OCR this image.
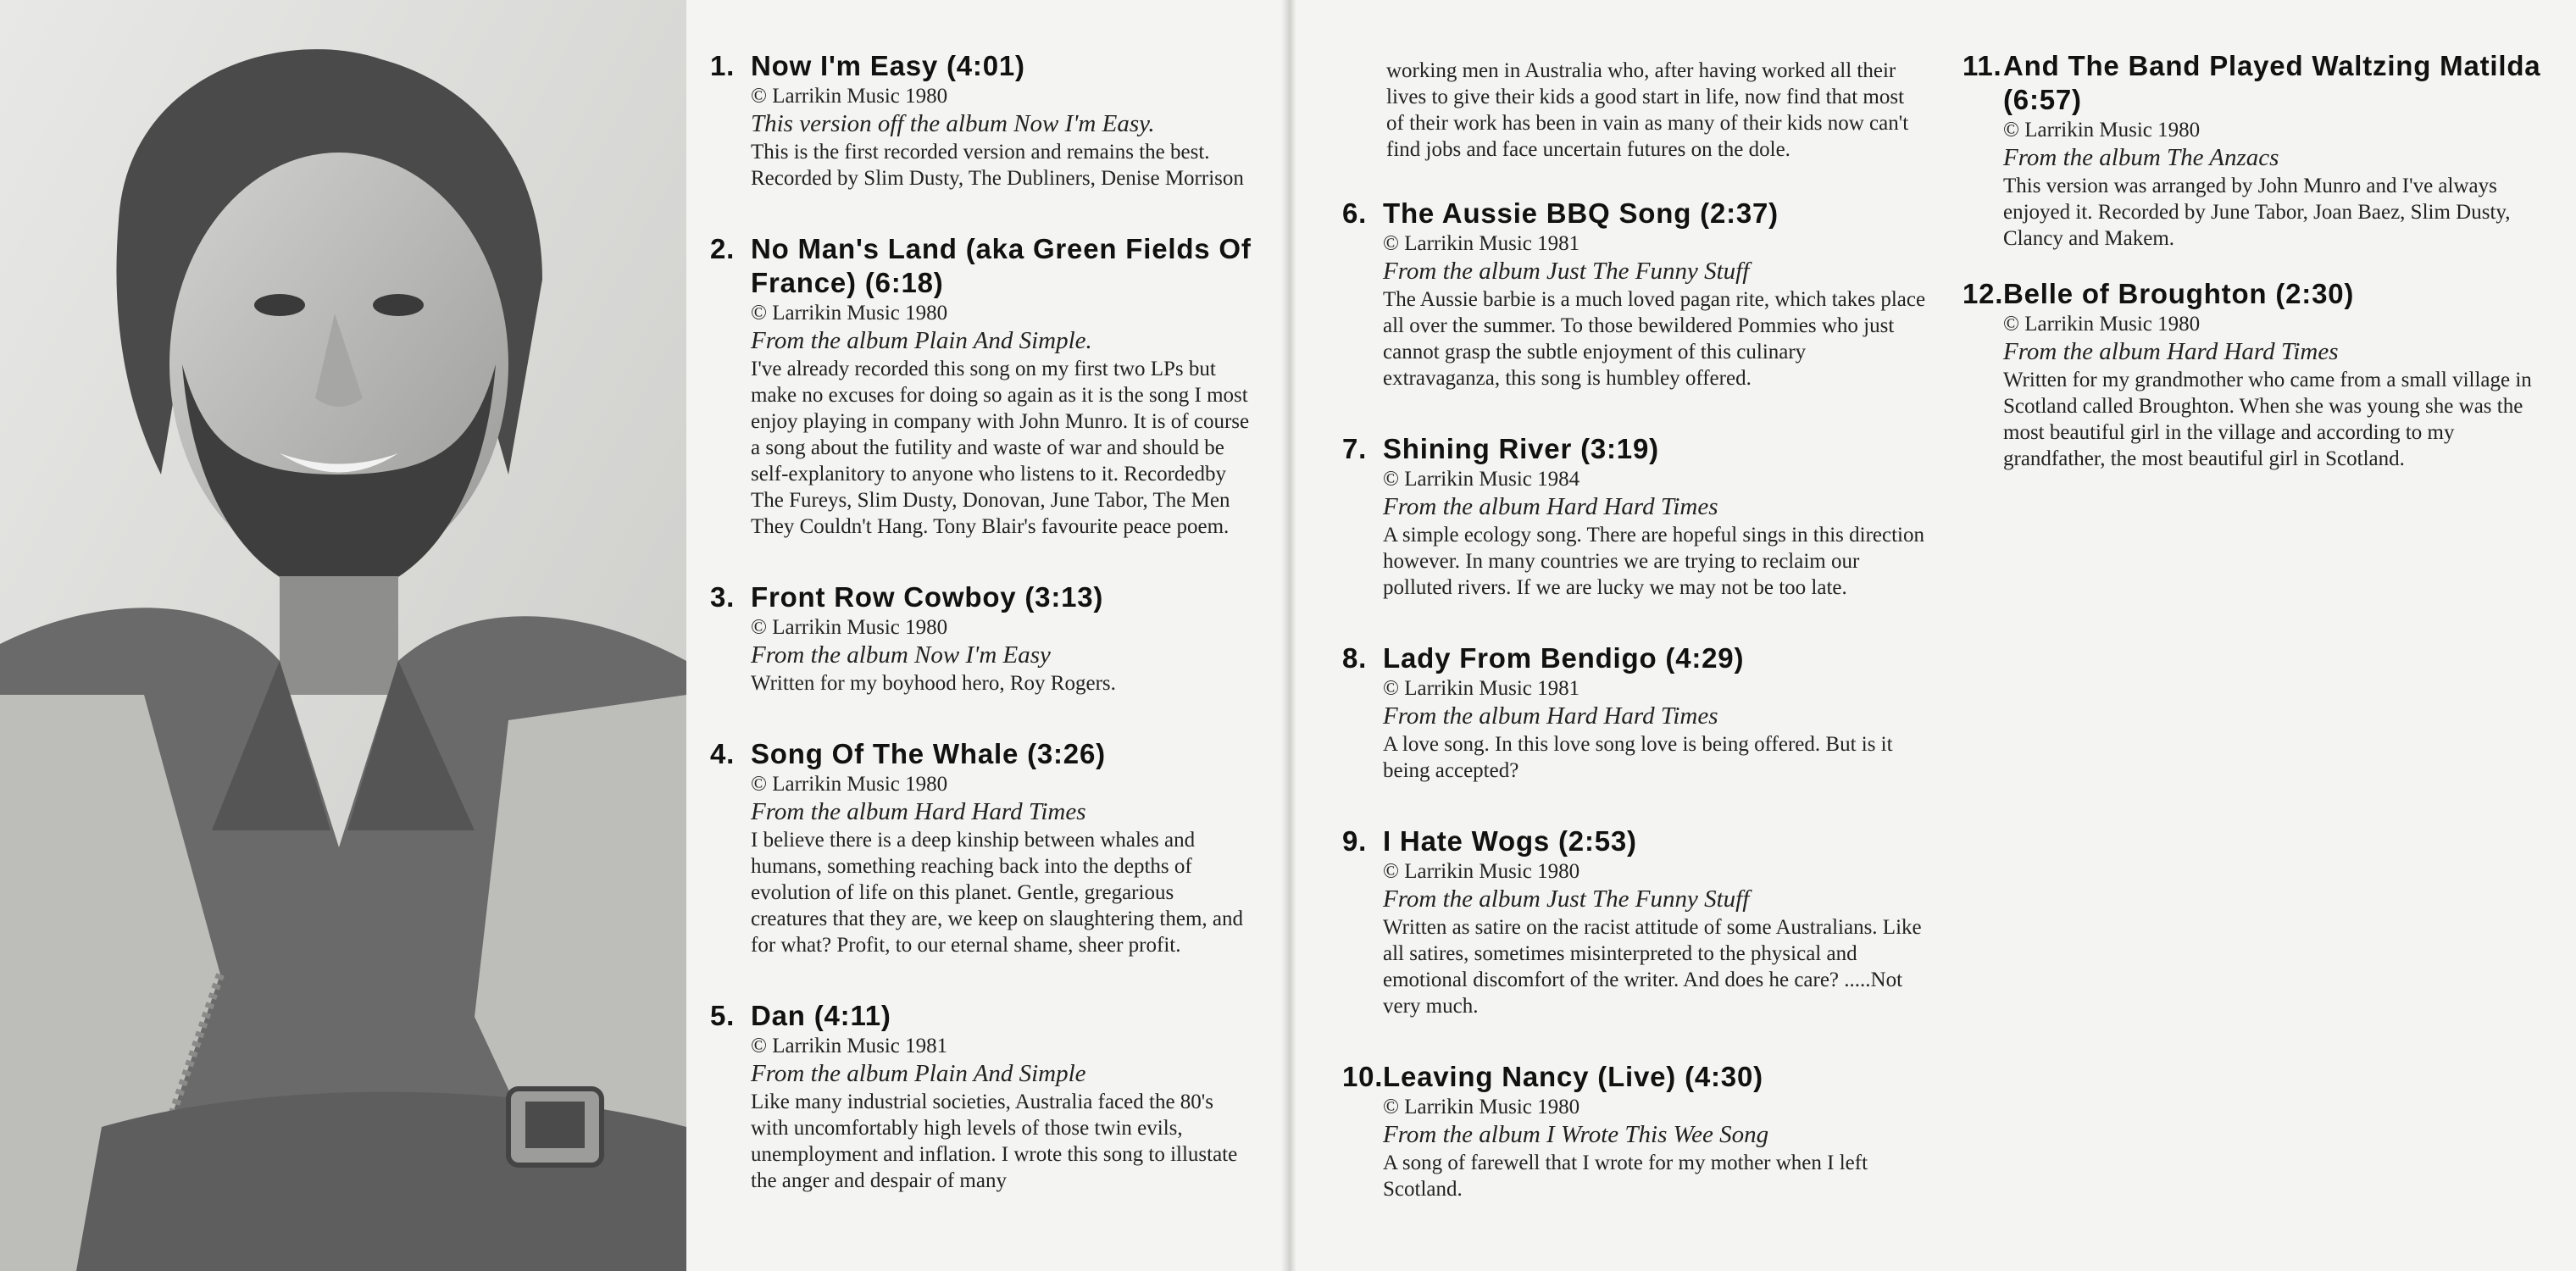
1. Now I'm Easy (4:01)
© Larrikin Music 1980
This version off the album Now I'm Easy.
This is the first recorded version and remains the best. Recorded by Slim Dusty, The Dubliners, Denise Morrison
2. No Man's Land (aka Green Fields Of France) (6:18)
© Larrikin Music 1980
From the album Plain And Simple.
I've already recorded this song on my first two LPs but make no excuses for doing so again as it is the song I most enjoy playing in company with John Munro. It is of course a song about the futility and waste of war and should be self-explanitory to anyone who listens to it. Recordedby The Fureys, Slim Dusty, Donovan, June Tabor, The Men They Couldn't Hang. Tony Blair's favourite peace poem.
3. Front Row Cowboy (3:13)
© Larrikin Music 1980
From the album Now I'm Easy
Written for my boyhood hero, Roy Rogers.
4. Song Of The Whale (3:26)
© Larrikin Music 1980
From the album Hard Hard Times
I believe there is a deep kinship between whales and humans, something reaching back into the depths of evolution of life on this planet. Gentle, gregarious creatures that they are, we keep on slaughtering them, and for what? Profit, to our eternal shame, sheer profit.
5. Dan (4:11)
© Larrikin Music 1981
From the album Plain And Simple
Like many industrial societies, Australia faced the 80's with uncomfortably high levels of those twin evils, unemployment and inflation. I wrote this song to illustate the anger and despair of many
working men in Australia who, after having worked all their lives to give their kids a good start in life, now find that most of their work has been in vain as many of their kids now can't find jobs and face uncertain futures on the dole.
6. The Aussie BBQ Song (2:37)
© Larrikin Music 1981
From the album Just The Funny Stuff
The Aussie barbie is a much loved pagan rite, which takes place all over the summer. To those bewildered Pommies who just cannot grasp the subtle enjoyment of this culinary extravaganza, this song is humbley offered.
7. Shining River (3:19)
© Larrikin Music 1984
From the album Hard Hard Times
A simple ecology song. There are hopeful sings in this direction however. In many countries we are trying to reclaim our polluted rivers. If we are lucky we may not be too late.
8. Lady From Bendigo (4:29)
© Larrikin Music 1981
From the album Hard Hard Times
A love song. In this love song love is being offered. But is it being accepted?
9. I Hate Wogs (2:53)
© Larrikin Music 1980
From the album Just The Funny Stuff
Written as satire on the racist attitude of some Australians. Like all satires, sometimes misinterpreted to the physical and emotional discomfort of the writer. And does he care? .....Not very much.
10. Leaving Nancy (Live) (4:30)
© Larrikin Music 1980
From the album I Wrote This Wee Song
A song of farewell that I wrote for my mother when I left Scotland.
11. And The Band Played Waltzing Matilda (6:57)
© Larrikin Music 1980
From the album The Anzacs
This version was arranged by John Munro and I've always enjoyed it. Recorded by June Tabor, Joan Baez, Slim Dusty, Clancy and Makem.
12. Belle of Broughton (2:30)
© Larrikin Music 1980
From the album Hard Hard Times
Written for my grandmother who came from a small village in Scotland called Broughton. When she was young she was the most beautiful girl in the village and according to my grandfather, the most beautiful girl in Scotland.
